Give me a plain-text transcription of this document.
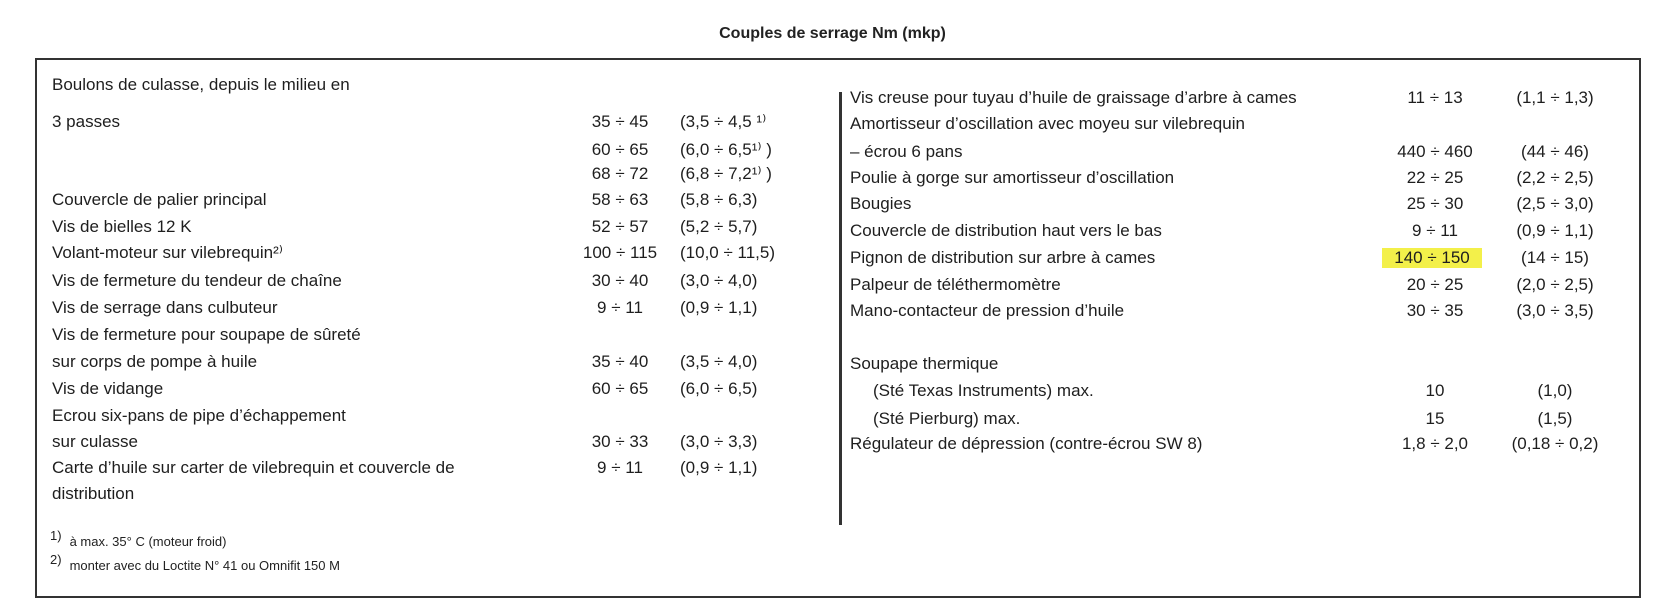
Couples de serrage Nm (mkp)
Boulons de culasse, depuis le milieu en
3 passes	35 ÷ 45	(3,5 ÷ 4,5 ¹⁾
60 ÷ 65	(6,0 ÷ 6,5¹⁾ )
68 ÷ 72	(6,8 ÷ 7,2¹⁾ )
Couvercle de palier principal	58 ÷ 63	(5,8 ÷ 6,3)
Vis de bielles 12 K	52 ÷ 57	(5,2 ÷ 5,7)
Volant-moteur sur vilebrequin²⁾	100 ÷ 115	(10,0 ÷ 11,5)
Vis de fermeture du tendeur de chaîne	30 ÷ 40	(3,0 ÷ 4,0)
Vis de serrage dans culbuteur	9 ÷ 11	(0,9 ÷ 1,1)
Vis de fermeture pour soupape de sûreté
sur corps de pompe à huile	35 ÷ 40	(3,5 ÷ 4,0)
Vis de vidange	60 ÷ 65	(6,0 ÷ 6,5)
Ecrou six-pans de pipe d’échappement
sur culasse	30 ÷ 33	(3,0 ÷ 3,3)
Carte d’huile sur carter de vilebrequin et couvercle de	9 ÷ 11	(0,9 ÷ 1,1)
distribution
Vis creuse pour tuyau d’huile de graissage d’arbre à cames	11 ÷ 13	(1,1 ÷ 1,3)
Amortisseur d’oscillation avec moyeu sur vilebrequin
– écrou 6 pans	440 ÷ 460	(44 ÷ 46)
Poulie à gorge sur amortisseur d’oscillation	22 ÷ 25	(2,2 ÷ 2,5)
Bougies	25 ÷ 30	(2,5 ÷ 3,0)
Couvercle de distribution haut vers le bas	9 ÷ 11	(0,9 ÷ 1,1)
Pignon de distribution sur arbre à cames	140 ÷ 150	(14 ÷ 15)
Palpeur de téléthermomètre	20 ÷ 25	(2,0 ÷ 2,5)
Mano-contacteur de pression d’huile	30 ÷ 35	(3,0 ÷ 3,5)
Soupape thermique
(Sté Texas Instruments) max.	10	(1,0)
(Sté Pierburg) max.	15	(1,5)
Régulateur de dépression (contre-écrou SW 8)	1,8 ÷ 2,0	(0,18 ÷ 0,2)
1) à max. 35° C (moteur froid)
2) monter avec du Loctite N° 41 ou Omnifit 150 M
